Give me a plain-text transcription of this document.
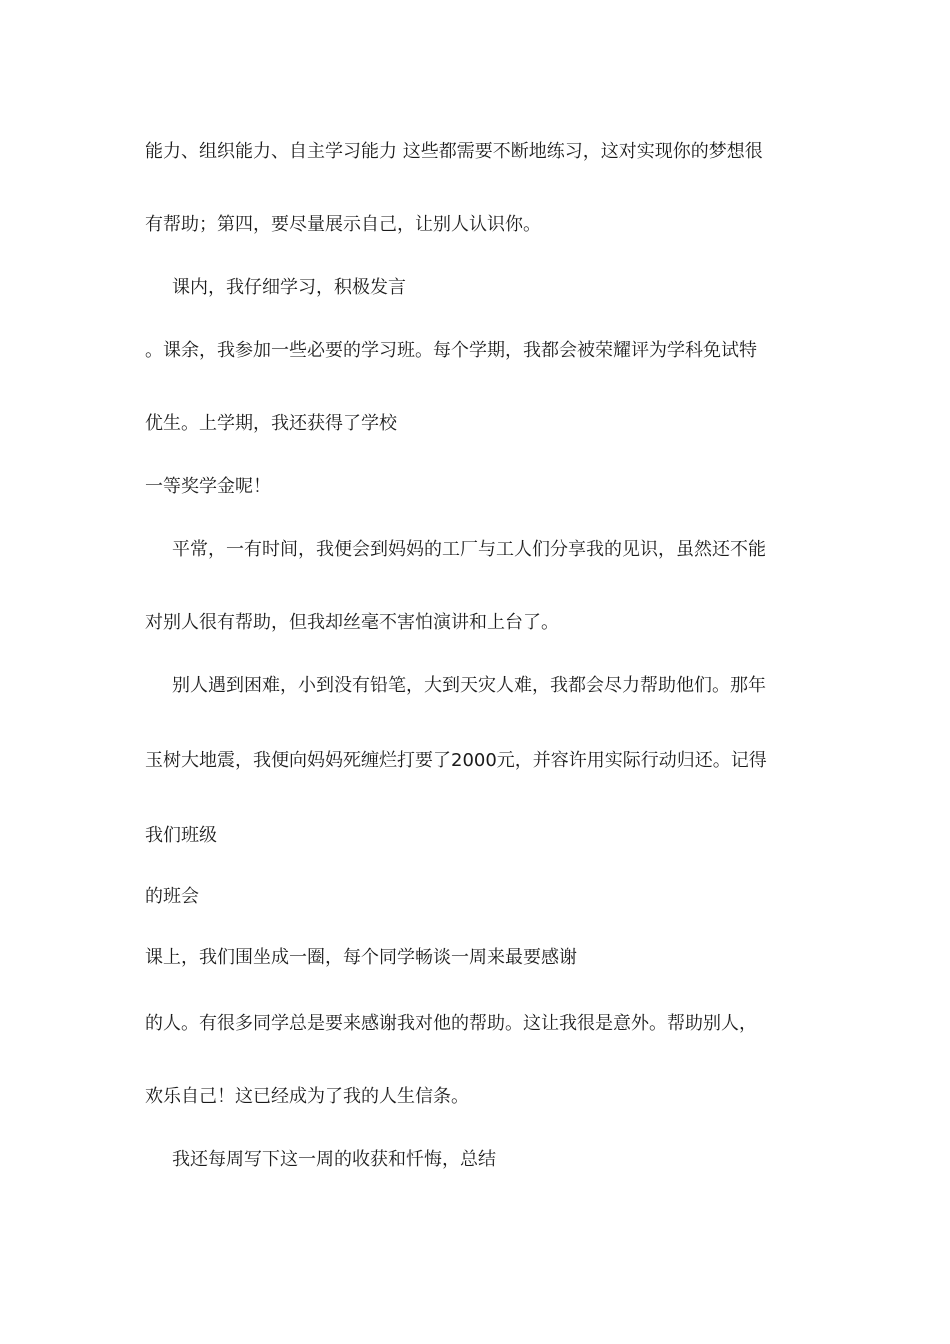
能力、组织能力、自主学习能力 这些都需要不断地练习，这对实现你的梦想很

有帮助；第四，要尽量展示自己，让别人认识你。

课内，我仔细学习，积极发言

。课余，我参加一些必要的学习班。每个学期，我都会被荣耀评为学科免试特

优生。上学期，我还获得了学校

一等奖学金呢！

平常，一有时间，我便会到妈妈的工厂与工人们分享我的见识，虽然还不能

对别人很有帮助，但我却丝毫不害怕演讲和上台了。

别人遇到困难，小到没有铅笔，大到天灾人难，我都会尽力帮助他们。那年

玉树大地震，我便向妈妈死缠烂打要了2000元，并容许用实际行动归还。记得

我们班级

的班会

课上，我们围坐成一圈，每个同学畅谈一周来最要感谢

的人。有很多同学总是要来感谢我对他的帮助。这让我很是意外。帮助别人，

欢乐自己！这已经成为了我的人生信条。

我还每周写下这一周的收获和忏悔，总结
